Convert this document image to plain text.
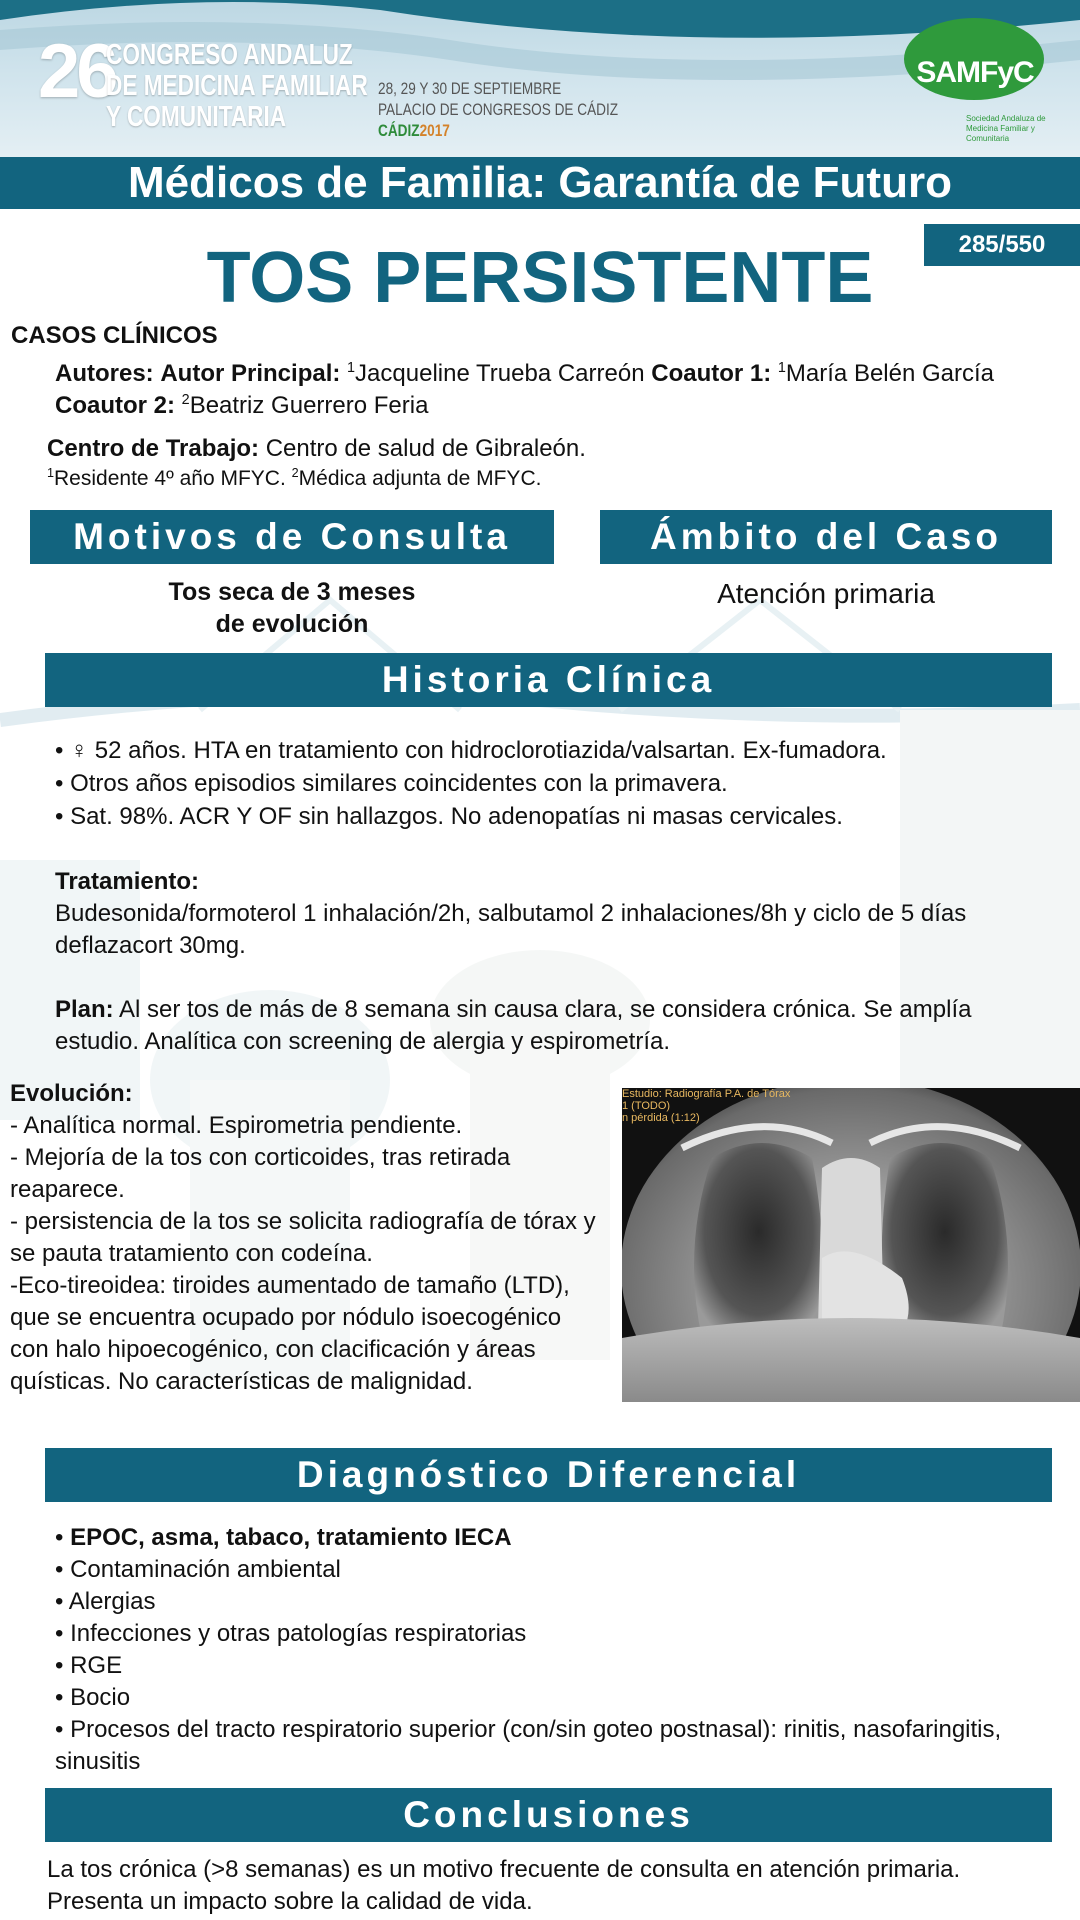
26
CONGRESO ANDALUZ
DE MEDICINA FAMILIAR
Y COMUNITARIA
28, 29 Y 30 DE SEPTIEMBRE
PALACIO DE CONGRESOS DE CÁDIZ
CÁDIZ2017
SAMFyC
Sociedad Andaluza de Medicina Familiar y Comunitaria
Médicos de Familia: Garantía de Futuro
285/550
TOS PERSISTENTE
CASOS CLÍNICOS
Autores: Autor Principal: $^1$Jacqueline Trueba Carreón Coautor 1: $^1$María Belén García Coautor 2: $^2$Beatriz Guerrero Feria
Centro de Trabajo: Centro de salud de Gibraleón.
$^1$Residente 4º año MFYC. $^2$Médica adjunta de MFYC.
Motivos de Consulta	Ámbito del Caso
Tos seca de 3 meses
de evolución
Atención primaria
Historia Clínica
• ♀ 52 años. HTA en tratamiento con hidroclorotiazida/valsartan. Ex-fumadora.
• Otros años episodios similares coincidentes con la primavera.
• Sat. 98%. ACR Y OF sin hallazgos. No adenopatías ni masas cervicales.
Tratamiento:
Budesonida/formoterol 1 inhalación/2h, salbutamol 2 inhalaciones/8h y ciclo de 5 días deflazacort 30mg.
Plan: Al ser tos de más de 8 semana sin causa clara, se considera crónica. Se amplía estudio. Analítica con screening de alergia y espirometría.
Evolución:
- Analítica normal. Espirometria pendiente.
- Mejoría de la tos con corticoides, tras retirada reaparece.
- persistencia de la tos se solicita radiografía de tórax y se pauta tratamiento con codeína.
-Eco-tireoidea: tiroides aumentado de tamaño (LTD), que se encuentra ocupado por nódulo isoecogénico con halo hipoecogénico, con clacificación y áreas quísticas. No características de malignidad.
Estudio: Radiografía P.A. de Tórax
1 (TODO)
n pérdida (1:12)
Diagnóstico Diferencial
• EPOC, asma, tabaco, tratamiento IECA
• Contaminación ambiental
• Alergias
• Infecciones y otras patologías respiratorias
• RGE
• Bocio
• Procesos del tracto respiratorio superior (con/sin goteo postnasal): rinitis, nasofaringitis, sinusitis
Conclusiones
La tos crónica (>8 semanas) es un motivo frecuente de consulta en atención primaria. Presenta un impacto sobre la calidad de vida.
